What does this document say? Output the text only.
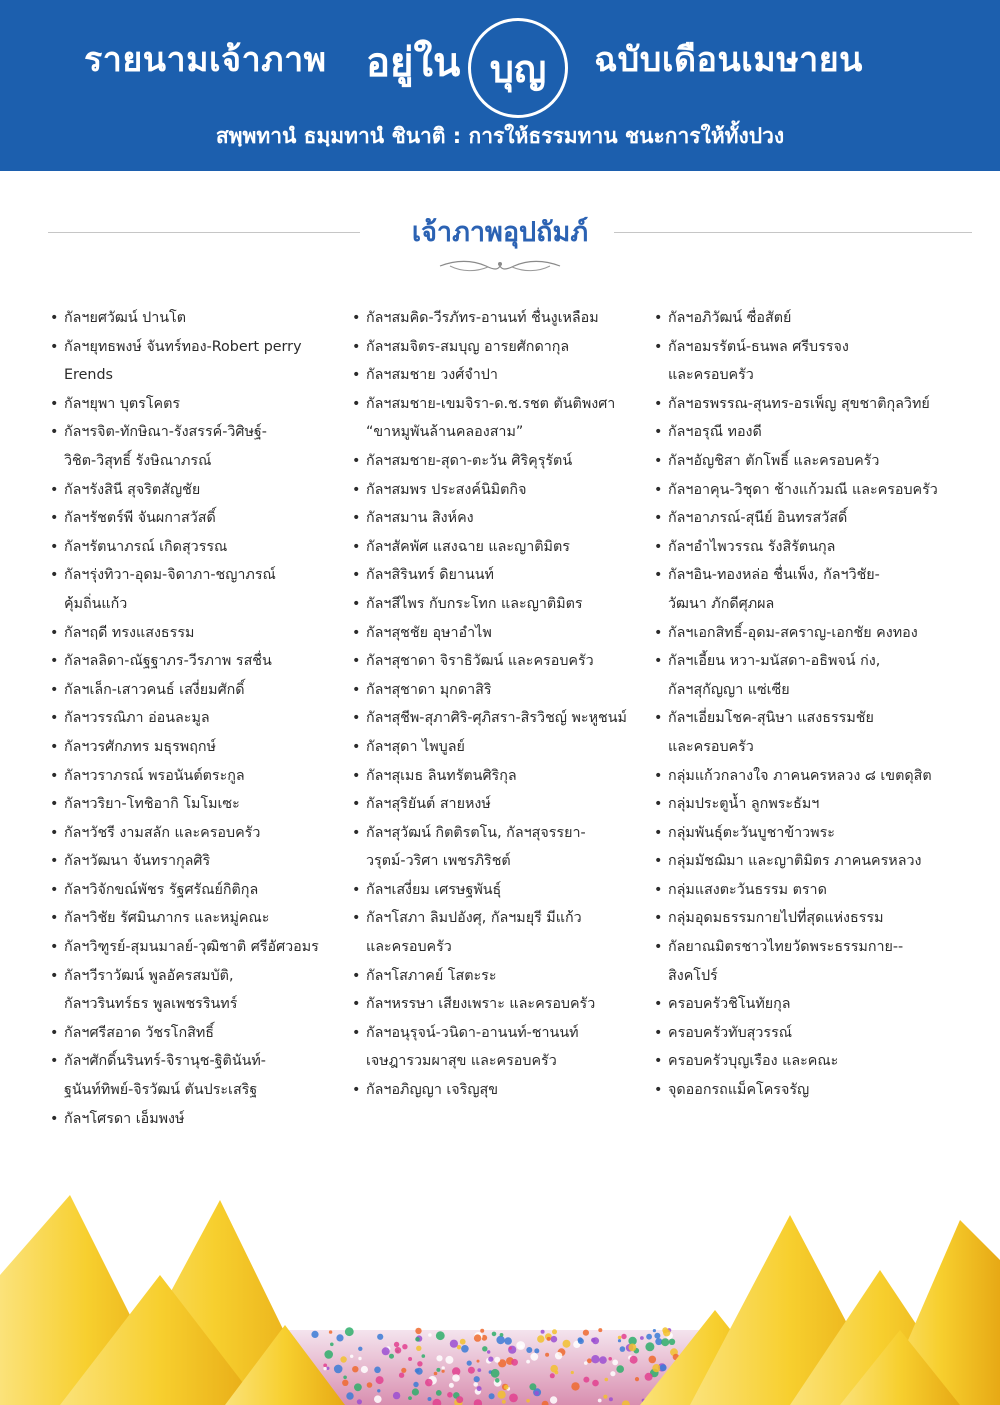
รายนามเจ้าภาพ อยู่ใน บุญ ฉบับเดือนเมษายน
สพฺพทานํ ธมฺมทานํ ชินาติ : การให้ธรรมทาน ชนะการให้ทั้งปวง
เจ้าภาพอุปถัมภ์
• กัลฯยศวัฒน์ ปานโต
• กัลฯยุทธพงษ์ จันทร์ทอง-Robert perry Erends
• กัลฯยุพา บุตรโคตร
• กัลฯรจิต-ทักษิณา-รังสรรค์-วิศิษฐ์-
วิชิต-วิสุทธิ์ รังษิณาภรณ์
• กัลฯรังสินี สุจริตสัญชัย
• กัลฯรัชตร์พี จันผกาสวัสดิ์
• กัลฯรัตนาภรณ์ เกิดสุวรรณ
• กัลฯรุ่งทิวา-อุดม-จิดาภา-ชญาภรณ์
คุ้มถิ่นแก้ว
• กัลฯฤดี ทรงแสงธรรม
• กัลฯลลิดา-ณัฐฐาภร-วีรภาพ รสชื่น
• กัลฯเล็ก-เสาวคนธ์ เสงี่ยมศักดิ์
• กัลฯวรรณิภา อ่อนละมูล
• กัลฯวรศักภทร มธุรพฤกษ์
• กัลฯวราภรณ์ พรอนันต์ตระกูล
• กัลฯวริยา-โทชิอากิ โมโมเซะ
• กัลฯวัชรี งามสลัก และครอบครัว
• กัลฯวัฒนา จันทรากุลศิริ
• กัลฯวิจักขณ์พัชร รัฐศรัณย์กิติกุล
• กัลฯวิชัย รัศมินภากร และหมู่คณะ
• กัลฯวิฑูรย์-สุมนมาลย์-วุฒิชาติ ศรีอัศวอมร
• กัลฯวีราวัฒน์ พูลอัครสมบัติ,
กัลฯวรินทร์ธร พูลเพชรรินทร์
• กัลฯศรีสอาด วัชรโกสิทธิ์
• กัลฯศักดิ์นรินทร์-จิรานุช-ฐิตินันท์-
ฐนันท์ทิพย์-จิรวัฒน์ ตันประเสริฐ
• กัลฯโศรดา เอ็มพงษ์
• กัลฯสมคิด-วีรภัทร-อานนท์ ชื่นงูเหลือม
• กัลฯสมจิตร-สมบุญ อารยศักดากุล
• กัลฯสมชาย วงศ์จำปา
• กัลฯสมชาย-เขมจิรา-ด.ช.รชต ตันติพงศา
“ขาหมูพันล้านคลองสาม”
• กัลฯสมชาย-สุดา-ตะวัน ศิริคุรุรัตน์
• กัลฯสมพร ประสงค์นิมิตกิจ
• กัลฯสมาน สิงห์คง
• กัลฯสัคพัศ แสงฉาย และญาติมิตร
• กัลฯสิรินทร์ ดิยานนท์
• กัลฯสีไพร กับกระโทก และญาติมิตร
• กัลฯสุชชัย อุษาอำไพ
• กัลฯสุชาดา จิราธิวัฒน์ และครอบครัว
• กัลฯสุชาดา มุกดาสิริ
• กัลฯสุชีพ-สุภาศิริ-ศุภิสรา-สิรวิชญ์ พะหูชนม์
• กัลฯสุดา ไพบูลย์
• กัลฯสุเมธ ลินทรัตนศิริกุล
• กัลฯสุริยันต์ สายหงษ์
• กัลฯสุวัฒน์ กิตติรตโน, กัลฯสุจรรยา-
วรุตม์-วริศา เพชรภิริชต์
• กัลฯเสงี่ยม เศรษฐพันธุ์
• กัลฯโสภา ลิมปอังศุ, กัลฯมยุรี มีแก้ว
และครอบครัว
• กัลฯโสภาคย์ โสตะระ
• กัลฯหรรษา เสียงเพราะ และครอบครัว
• กัลฯอนุรุจน์-วนิดา-อานนท์-ชานนท์
เจษฎารวมผาสุข และครอบครัว
• กัลฯอภิญญา เจริญสุข
• กัลฯอภิวัฒน์ ซื่อสัตย์
• กัลฯอมรรัตน์-ธนพล ศรีบรรจง
และครอบครัว
• กัลฯอรพรรณ-สุนทร-อรเพ็ญ สุขชาติกุลวิทย์
• กัลฯอรุณี ทองดี
• กัลฯอัญชิสา ตักโพธิ์ และครอบครัว
• กัลฯอาคุน-วิชุดา ช้างแก้วมณี และครอบครัว
• กัลฯอาภรณ์-สุนีย์ อินทรสวัสดิ์
• กัลฯอำไพวรรณ รังสิรัตนกุล
• กัลฯอิน-ทองหล่อ ชื่นเพ็ง, กัลฯวิชัย-
วัฒนา ภักดีศุภผล
• กัลฯเอกสิทธิ์-อุดม-สคราญ-เอกชัย คงทอง
• กัลฯเอี้ยน หวา-มนัสดา-อธิพจน์ ก่ง,
กัลฯสุกัญญา แซ่เซีย
• กัลฯเอี่ยมโชค-สุนิษา แสงธรรมชัย
และครอบครัว
• กลุ่มแก้วกลางใจ ภาคนครหลวง ๘ เขตดุสิต
• กลุ่มประตูน้ำ ลูกพระธัมฯ
• กลุ่มพันธุ์ตะวันบูชาข้าวพระ
• กลุ่มมัชฌิมา และญาติมิตร ภาคนครหลวง
• กลุ่มแสงตะวันธรรม ตราด
• กลุ่มอุดมธรรมกายไปที่สุดแห่งธรรม
• กัลยาณมิตรชาวไทยวัดพระธรรมกาย--
สิงคโปร์
• ครอบครัวชิโนทัยกุล
• ครอบครัวทับสุวรรณ์
• ครอบครัวบุญเรือง และคณะ
• จุดออกรถแม็คโครจรัญ
